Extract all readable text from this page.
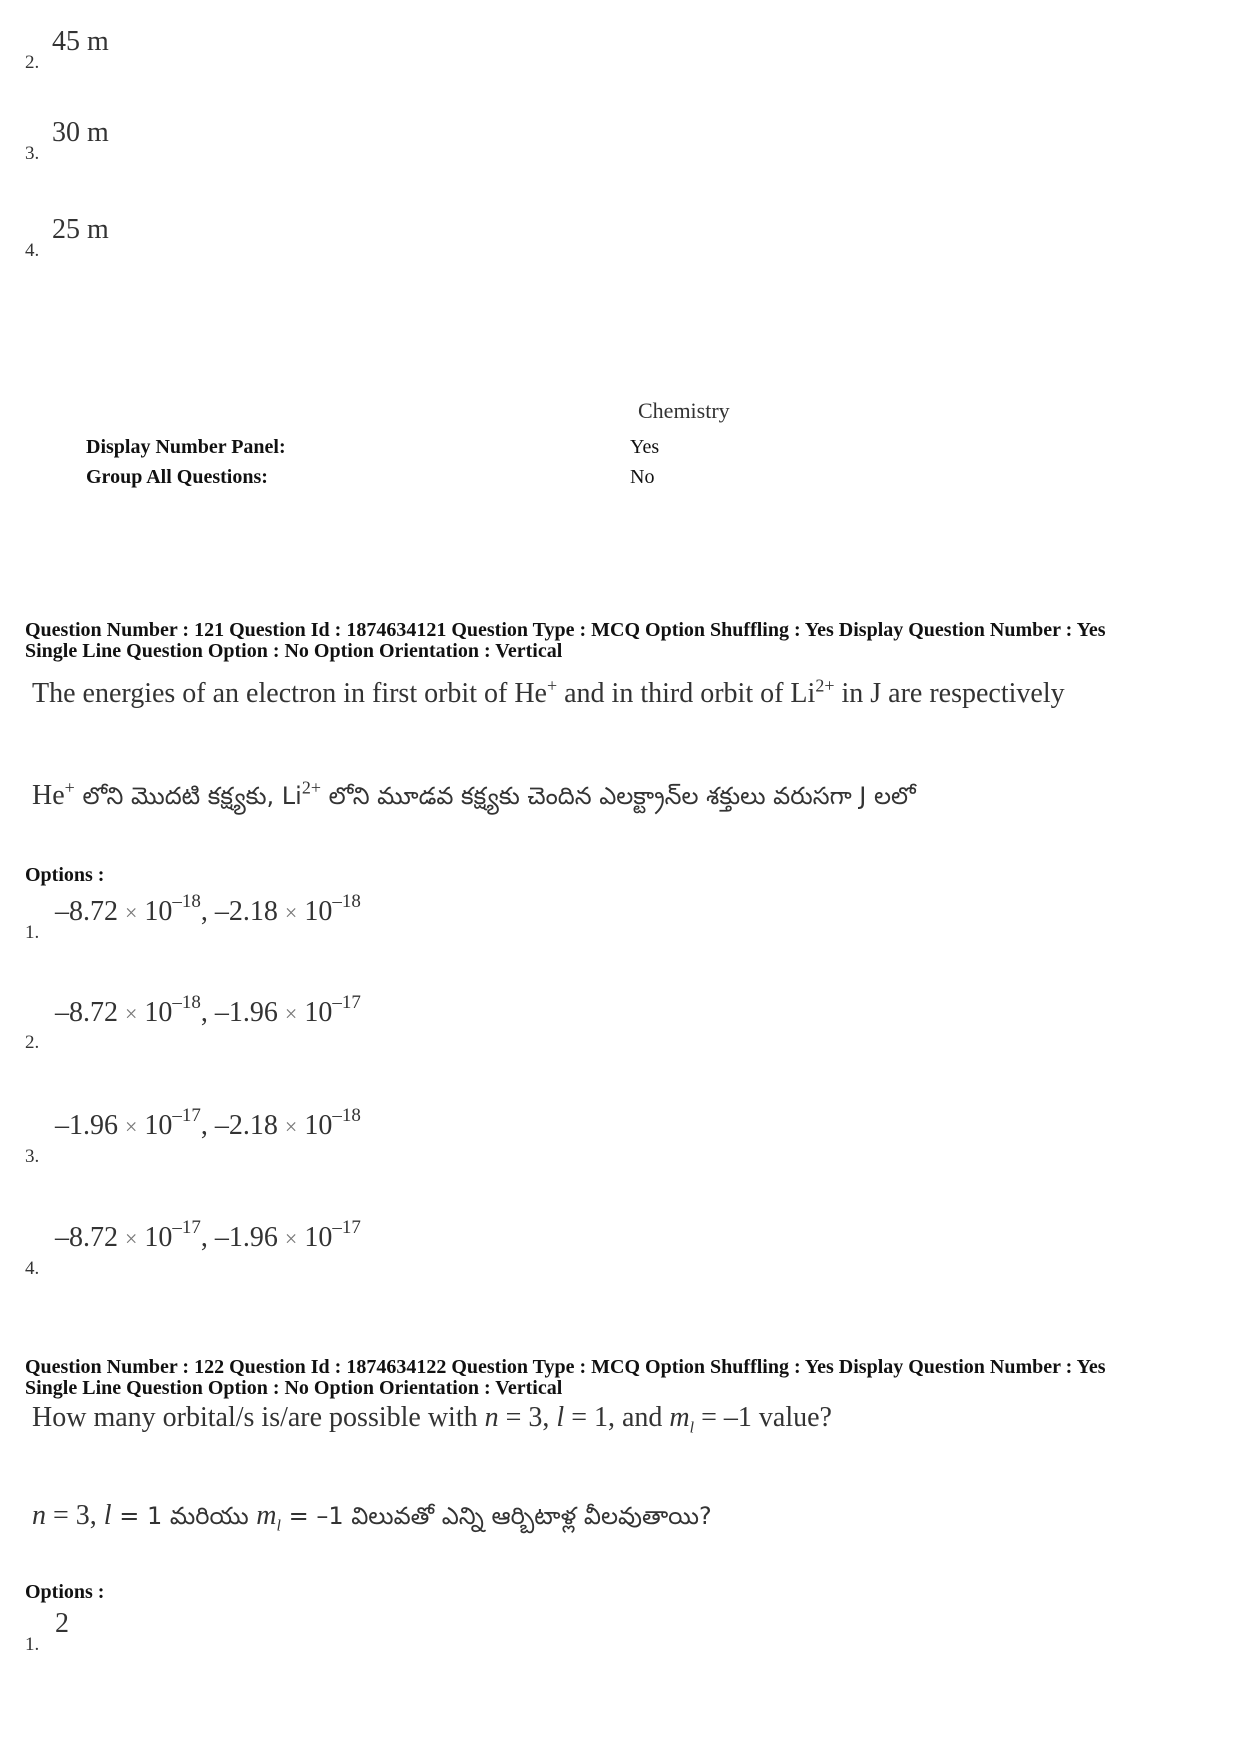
45 m
2.
30 m
3.
25 m
4.
Chemistry
Display Number Panel:	Yes
Group All Questions:	No
Question Number : 121 Question Id : 1874634121 Question Type : MCQ Option Shuffling : Yes Display Question Number : Yes
Single Line Question Option : No Option Orientation : Vertical
The energies of an electron in first orbit of He+ and in third orbit of $Li^{2+}$ in J are respectively
He+ లోని మొదటి కక్ష్యకు, $Li^{2+}$ లోని మూడవ కక్ష్యకు చెందిన ఎలక్ట్రాన్‌ల శక్తులు వరుసగా J లలో
Options :
$-8.72 \times 10^{-18}$, $-2.18 \times 10^{-18}$
1.
$-8.72 \times 10^{-18}$, $-1.96 \times 10^{-17}$
2.
$-1.96 \times 10^{-17}$, $-2.18 \times 10^{-18}$
3.
$-8.72 \times 10^{-17}$, $-1.96 \times 10^{-17}$
4.
Question Number : 122 Question Id : 1874634122 Question Type : MCQ Option Shuffling : Yes Display Question Number : Yes
Single Line Question Option : No Option Orientation : Vertical
How many orbital/s is/are possible with n = 3, l = 1, and $m_l = -1$ value?
n = 3, l = 1 మరియు $m_l = -1$ విలువతో ఎన్ని ఆర్బిటాళ్ల వీలవుతాయి?
Options :
2
1.
